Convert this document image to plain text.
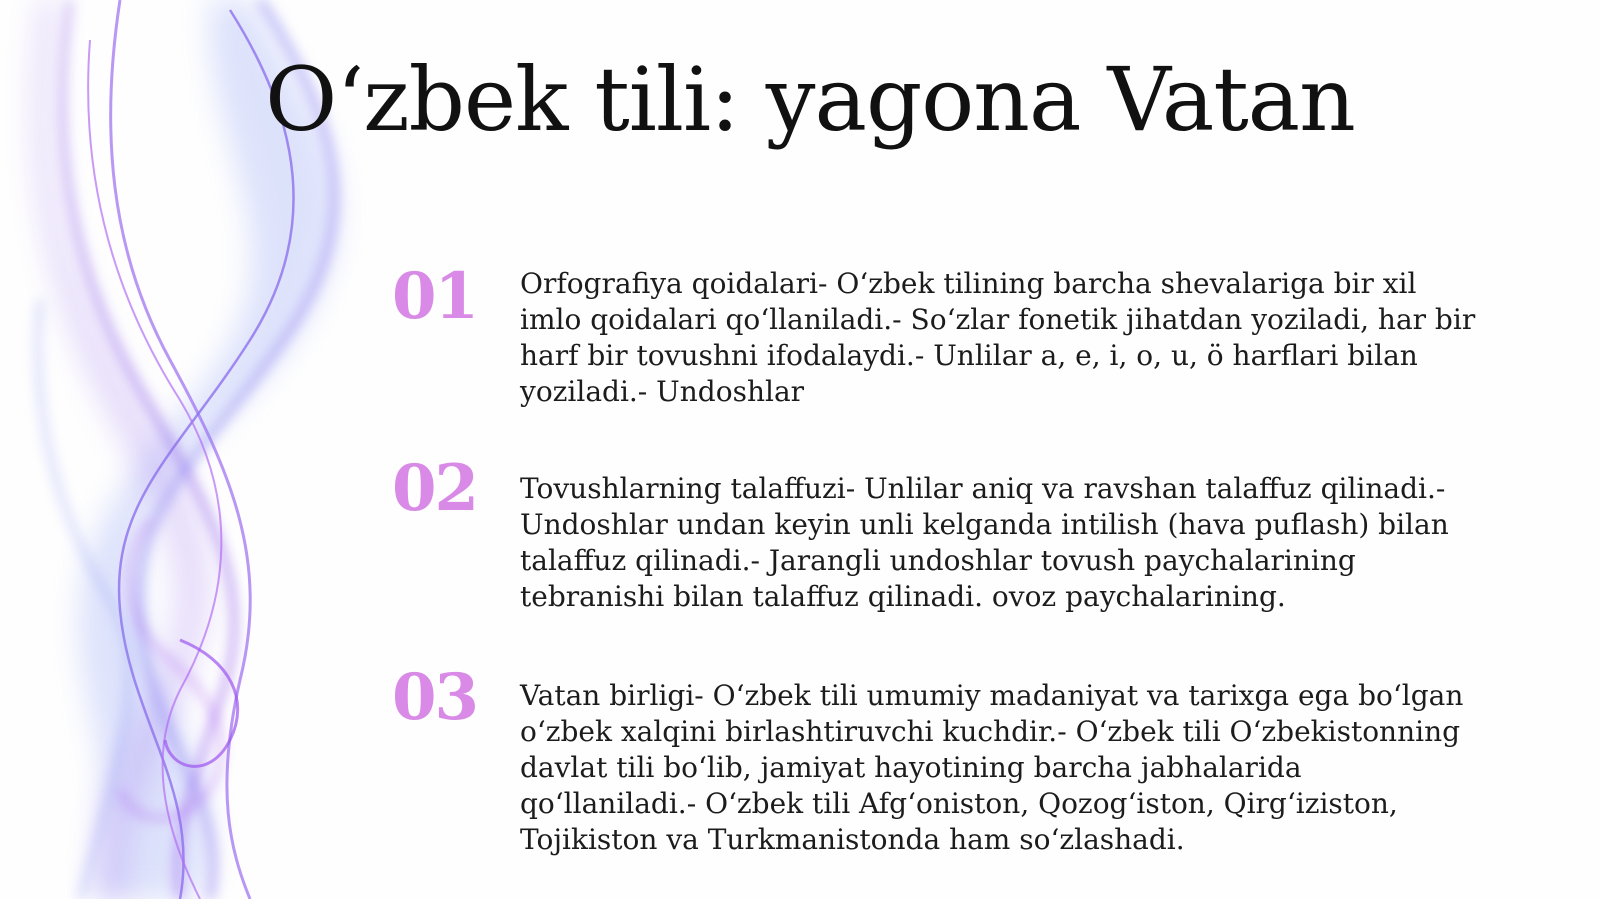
O‘zbek tili: yagona Vatan
01 Orfografiya qoidalari- O‘zbek tilining barcha shevalariga bir xil imlo qoidalari qo‘llaniladi.- So‘zlar fonetik jihatdan yoziladi, har bir harf bir tovushni ifodalaydi.- Unlilar a, e, i, o, u, ö harflari bilan yoziladi.- Undoshlar
02 Tovushlarning talaffuzi- Unlilar aniq va ravshan talaffuz qilinadi.- Undoshlar undan keyin unli kelganda intilish (hava puflash) bilan talaffuz qilinadi.- Jarangli undoshlar tovush paychalarining tebranishi bilan talaffuz qilinadi. ovoz paychalarining.
03 Vatan birligi- O‘zbek tili umumiy madaniyat va tarixga ega bo‘lgan o‘zbek xalqini birlashtiruvchi kuchdir.- O‘zbek tili O‘zbekistonning davlat tili bo‘lib, jamiyat hayotining barcha jabhalarida qo‘llaniladi.- O‘zbek tili Afg‘oniston, Qozog‘iston, Qirg‘iziston, Tojikiston va Turkmanistonda ham so‘zlashadi.
